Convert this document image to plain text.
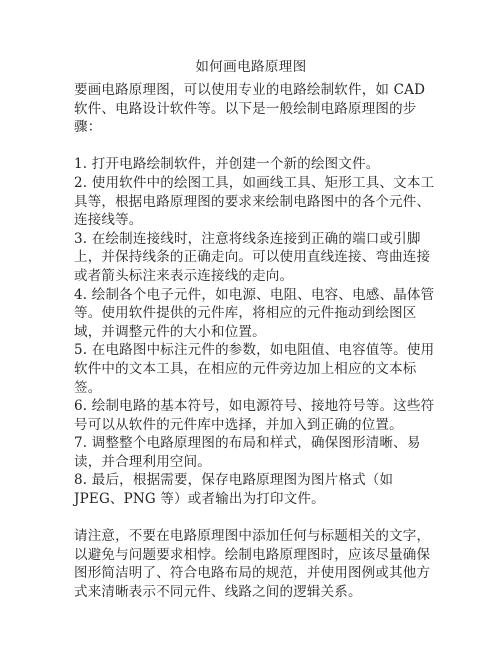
如何画电路原理图

要画电路原理图，可以使用专业的电路绘制软件，如 CAD 软件、电路设计软件等。以下是一般绘制电路原理图的步骤：

1. 打开电路绘制软件，并创建一个新的绘图文件。

2. 使用软件中的绘图工具，如画线工具、矩形工具、文本工具等，根据电路原理图的要求来绘制电路图中的各个元件、连接线等。

3. 在绘制连接线时，注意将线条连接到正确的端口或引脚上，并保持线条的正确走向。可以使用直线连接、弯曲连接或者箭头标注来表示连接线的走向。

4. 绘制各个电子元件，如电源、电阻、电容、电感、晶体管等。使用软件提供的元件库，将相应的元件拖动到绘图区域，并调整元件的大小和位置。

5. 在电路图中标注元件的参数，如电阻值、电容值等。使用软件中的文本工具，在相应的元件旁边加上相应的文本标签。

6. 绘制电路的基本符号，如电源符号、接地符号等。这些符号可以从软件的元件库中选择，并加入到正确的位置。

7. 调整整个电路原理图的布局和样式，确保图形清晰、易读，并合理利用空间。

8. 最后，根据需要，保存电路原理图为图片格式（如 JPEG、PNG 等）或者输出为打印文件。

请注意，不要在电路原理图中添加任何与标题相关的文字，以避免与问题要求相悖。绘制电路原理图时，应该尽量确保图形简洁明了、符合电路布局的规范，并使用图例或其他方式来清晰表示不同元件、线路之间的逻辑关系。
